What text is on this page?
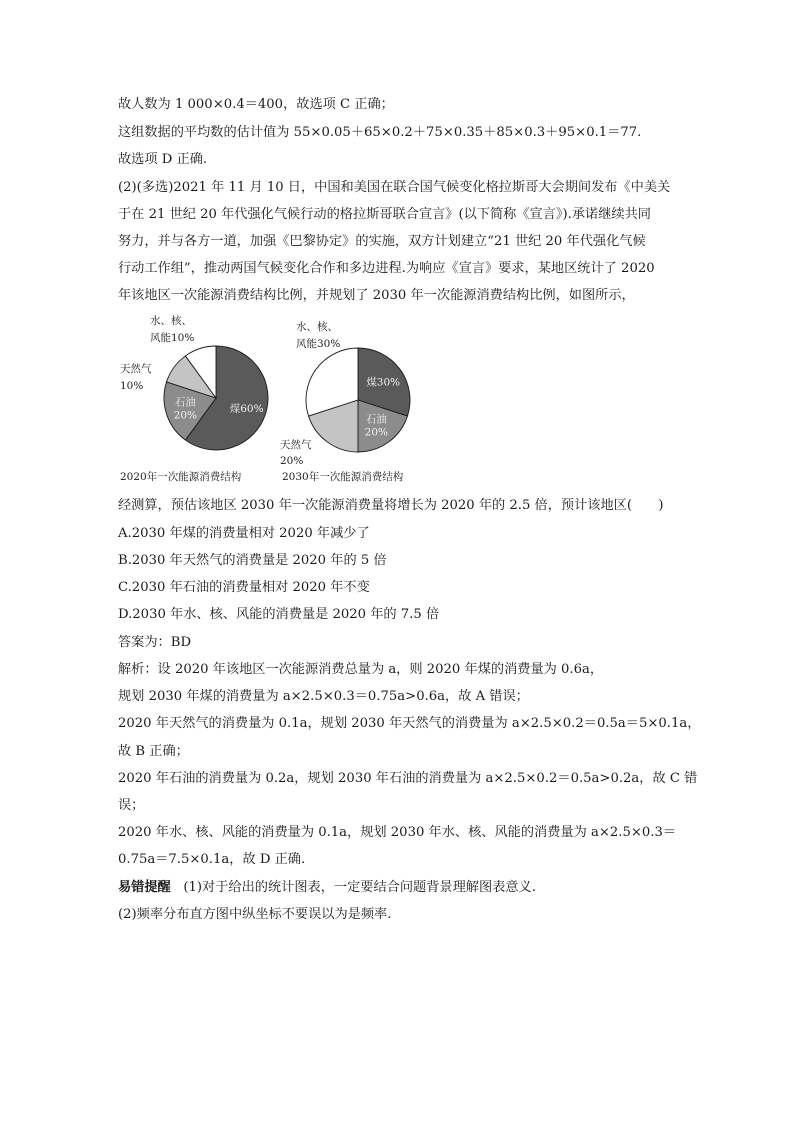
故人数为 1 000×0.4＝400，故选项 C 正确；
这组数据的平均数的估计值为 55×0.05＋65×0.2＋75×0.35＋85×0.3＋95×0.1＝77.
故选项 D 正确.
(2)(多选)2021 年 11 月 10 日，中国和美国在联合国气候变化格拉斯哥大会期间发布《中美关
于在 21 世纪 20 年代强化气候行动的格拉斯哥联合宣言》(以下简称《宣言》).承诺继续共同
努力，并与各方一道，加强《巴黎协定》的实施，双方计划建立“21 世纪 20 年代强化气候
行动工作组”，推动两国气候变化合作和多边进程.为响应《宣言》要求，某地区统计了 2020
年该地区一次能源消费结构比例，并规划了 2030 年一次能源消费结构比例，如图所示，
煤60%
石油
20%
天然气
10%
水、核、
风能10%
2020年一次能源消费结构
煤30%
石油
20%
天然气
20%
水、核、
风能30%
2030年一次能源消费结构
经测算，预估该地区 2030 年一次能源消费量将增长为 2020 年的 2.5 倍，预计该地区(　　)
A.2030 年煤的消费量相对 2020 年减少了
B.2030 年天然气的消费量是 2020 年的 5 倍
C.2030 年石油的消费量相对 2020 年不变
D.2030 年水、核、风能的消费量是 2020 年的 7.5 倍
答案为：BD
解析：设 2020 年该地区一次能源消费总量为 a，则 2020 年煤的消费量为 0.6a，
规划 2030 年煤的消费量为 a×2.5×0.3＝0.75a>0.6a，故 A 错误；
2020 年天然气的消费量为 0.1a，规划 2030 年天然气的消费量为 a×2.5×0.2＝0.5a＝5×0.1a，
故 B 正确；
2020 年石油的消费量为 0.2a，规划 2030 年石油的消费量为 a×2.5×0.2＝0.5a>0.2a，故 C 错
误；
2020 年水、核、风能的消费量为 0.1a，规划 2030 年水、核、风能的消费量为 a×2.5×0.3＝
0.75a＝7.5×0.1a，故 D 正确.
易错提醒 (1)对于给出的统计图表，一定要结合问题背景理解图表意义.
(2)频率分布直方图中纵坐标不要误以为是频率.
